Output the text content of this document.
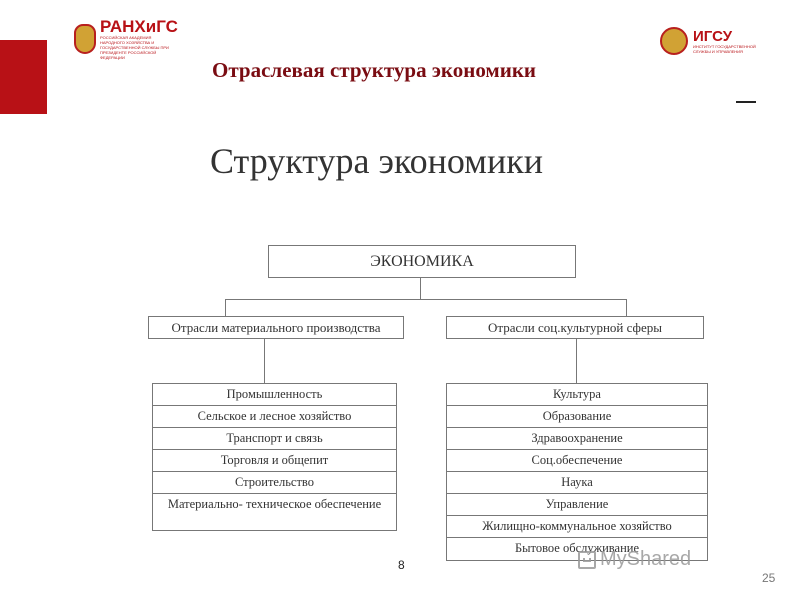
РАНХиГС
РОССИЙСКАЯ АКАДЕМИЯ НАРОДНОГО ХОЗЯЙСТВА И ГОСУДАРСТВЕННОЙ СЛУЖБЫ ПРИ ПРЕЗИДЕНТЕ РОССИЙСКОЙ ФЕДЕРАЦИИ
ИГСУ
ИНСТИТУТ ГОСУДАРСТВЕННОЙ СЛУЖБЫ И УПРАВЛЕНИЯ
Отраслевая структура экономики
Структура экономики
ЭКОНОМИКА
Отрасли материального производства	Отрасли соц.культурной сферы
Промышленность
Сельское и лесное хозяйство
Транспорт и связь
Торговля и общепит
Строительство
Материально- техническое обеспечение
Культура
Образование
Здравоохранение
Соц.обеспечение
Наука
Управление
Жилищно-коммунальное хозяйство
Бытовое обслуживание
8	MyShared
25
